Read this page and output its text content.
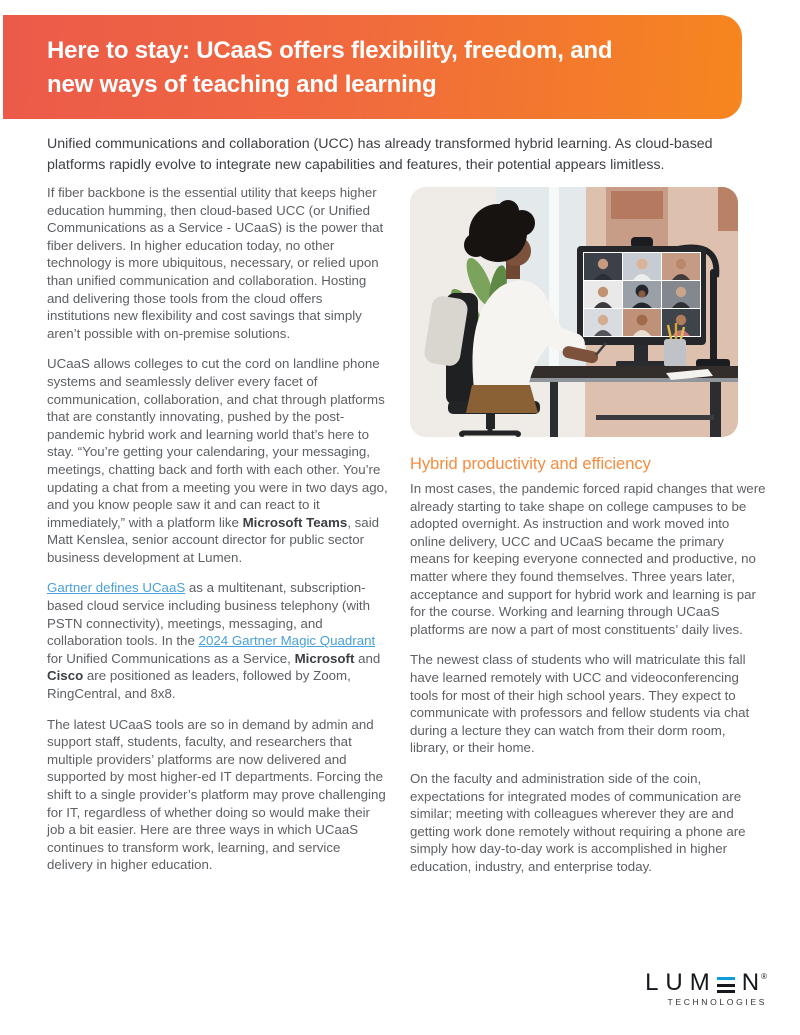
Here to stay: UCaaS offers flexibility, freedom, and
new ways of teaching and learning

Unified communications and collaboration (UCC) has already transformed hybrid learning. As cloud-based platforms rapidly evolve to integrate new capabilities and features, their potential appears limitless.

If fiber backbone is the essential utility that keeps higher education humming, then cloud-based UCC (or Unified Communications as a Service - UCaaS) is the power that fiber delivers. In higher education today, no other technology is more ubiquitous, necessary, or relied upon than unified communication and collaboration. Hosting and delivering those tools from the cloud offers institutions new flexibility and cost savings that simply aren’t possible with on-premise solutions.

UCaaS allows colleges to cut the cord on landline phone systems and seamlessly deliver every facet of communication, collaboration, and chat through platforms that are constantly innovating, pushed by the post-pandemic hybrid work and learning world that’s here to stay. “You’re getting your calendaring, your messaging, meetings, chatting back and forth with each other. You’re updating a chat from a meeting you were in two days ago, and you know people saw it and can react to it immediately,” with a platform like Microsoft Teams, said Matt Kenslea, senior account director for public sector business development at Lumen.

Gartner defines UCaaS as a multitenant, subscription-based cloud service including business telephony (with PSTN connectivity), meetings, messaging, and collaboration tools. In the 2024 Gartner Magic Quadrant for Unified Communications as a Service, Microsoft and Cisco are positioned as leaders, followed by Zoom, RingCentral, and 8x8.

The latest UCaaS tools are so in demand by admin and support staff, students, faculty, and researchers that multiple providers’ platforms are now delivered and supported by most higher-ed IT departments. Forcing the shift to a single provider’s platform may prove challenging for IT, regardless of whether doing so would make their job a bit easier. Here are three ways in which UCaaS continues to transform work, learning, and service delivery in higher education.

Hybrid productivity and efficiency

In most cases, the pandemic forced rapid changes that were already starting to take shape on college campuses to be adopted overnight. As instruction and work moved into online delivery, UCC and UCaaS became the primary means for keeping everyone connected and productive, no matter where they found themselves. Three years later, acceptance and support for hybrid work and learning is par for the course. Working and learning through UCaaS platforms are now a part of most constituents’ daily lives.

The newest class of students who will matriculate this fall have learned remotely with UCC and videoconferencing tools for most of their high school years. They expect to communicate with professors and fellow students via chat during a lecture they can watch from their dorm room, library, or their home.

On the faculty and administration side of the coin, expectations for integrated modes of communication are similar; meeting with colleagues wherever they are and getting work done remotely without requiring a phone are simply how day-to-day work is accomplished in higher education, industry, and enterprise today.

LUM N ®
TECHNOLOGIES
